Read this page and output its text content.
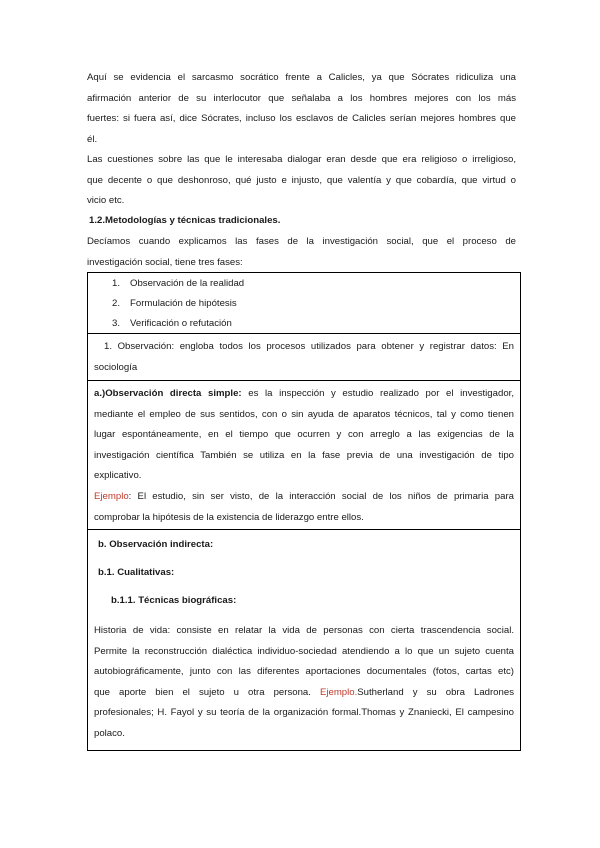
Aquí se evidencia el sarcasmo socrático frente a Calicles, ya que Sócrates ridiculiza una
afirmación anterior de su interlocutor que señalaba a los hombres mejores con los más
fuertes: si fuera así, dice Sócrates, incluso los esclavos de Calicles serían mejores hombres que
él.
Las cuestiones sobre las que le interesaba dialogar eran desde que era religioso o irreligioso,
que decente o que deshonroso, qué justo e injusto, que valentía y que cobardía, que virtud o
vicio etc.
1.2.Metodologías y técnicas tradicionales.
Decíamos cuando explicamos las fases de la investigación social, que el proceso de
investigación social, tiene tres fases:
1. Observación de la realidad
2. Formulación de hipótesis
3. Verificación o refutación
1. Observación: engloba todos los procesos utilizados para obtener y registrar datos: En
sociología
a.)Observación directa simple: es la inspección y estudio realizado por el investigador,
mediante el empleo de sus sentidos, con o sin ayuda de aparatos técnicos, tal y como tienen
lugar espontáneamente, en el tiempo que ocurren y con arreglo a las exigencias de la
investigación científica También se utiliza en la fase previa de una investigación de tipo
explicativo.
Ejemplo: El estudio, sin ser visto, de la interacción social de los niños de primaria para
comprobar la hipótesis de la existencia de liderazgo entre ellos.
b. Observación indirecta:
b.1. Cualitativas:
b.1.1. Técnicas biográficas:
Historia de vida: consiste en relatar la vida de personas con cierta trascendencia social.
Permite la reconstrucción dialéctica individuo-sociedad atendiendo a lo que un sujeto cuenta
autobiográficamente, junto con las diferentes aportaciones documentales (fotos, cartas etc)
que aporte bien el sujeto u otra persona. Ejemplo.Sutherland y su obra Ladrones
profesionales; H. Fayol y su teoría de la organización formal.Thomas y Znaniecki, El campesino
polaco.
